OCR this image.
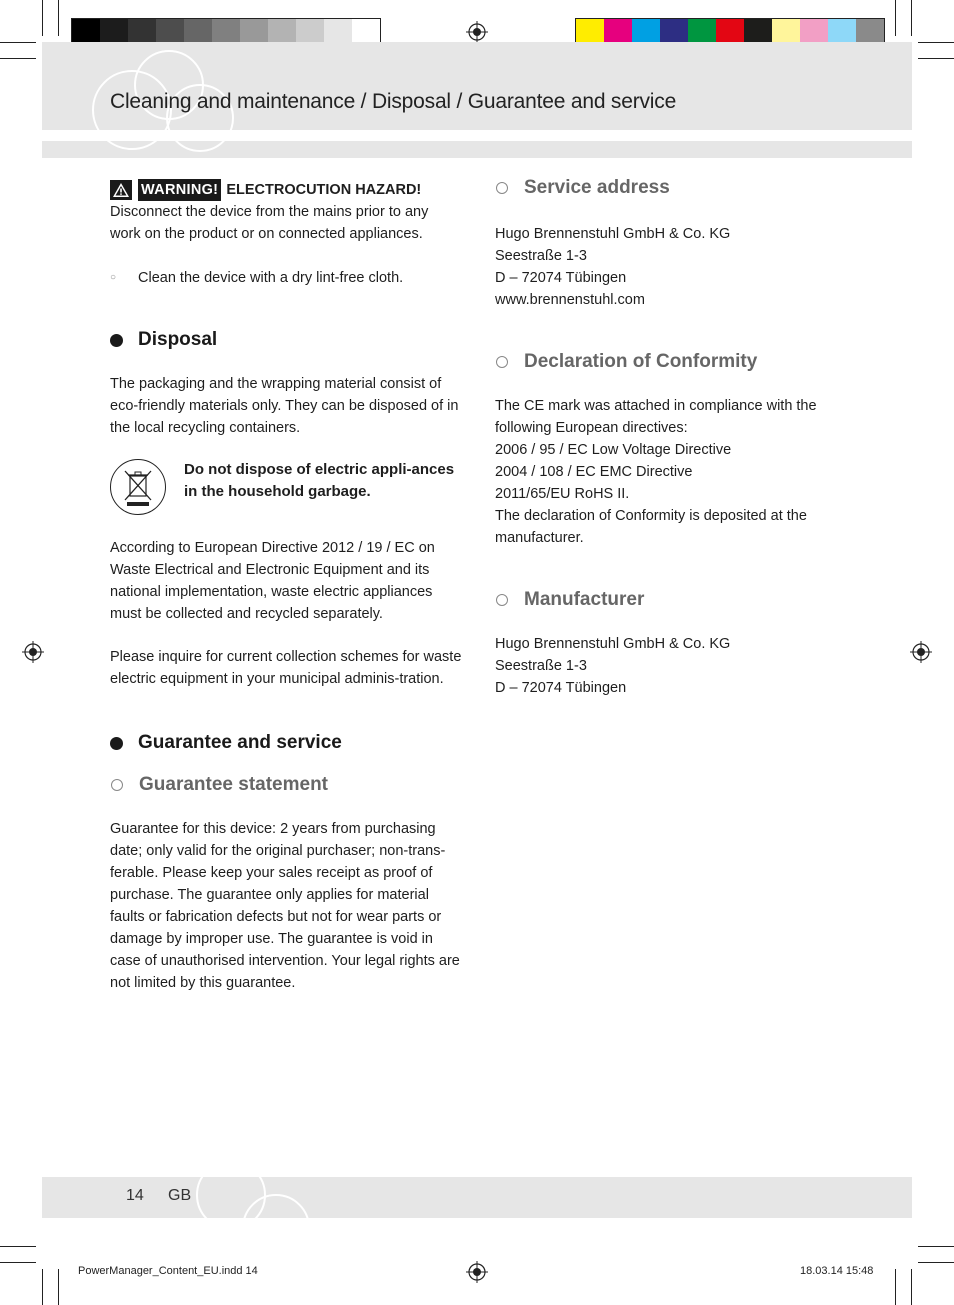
Cleaning and maintenance / Disposal / Guarantee and service
WARNING! ELECTROCUTION HAZARD!

Disconnect the device from the mains prior to any work on the product or on connected appliances.

○	Clean the device with a dry lint-free cloth.
Disposal

The packaging and the wrapping material consist of eco-friendly materials only. They can be disposed of in the local recycling containers.

Do not dispose of electric appli-ances in the household garbage.

According to European Directive 2012 / 19 / EC on Waste Electrical and Electronic Equipment and its national implementation, waste electric appliances must be collected and recycled separately.

Please inquire for current collection schemes for waste electric equipment in your municipal adminis-tration.

Guarantee and service
Guarantee statement

Guarantee for this device: 2 years from purchasing date; only valid for the original purchaser; non-trans-ferable. Please keep your sales receipt as proof of purchase. The guarantee only applies for material faults or fabrication defects but not for wear parts or damage by improper use. The guarantee is void in case of unauthorised intervention. Your legal rights are not limited by this guarantee.

Service address

Hugo Brennenstuhl GmbH & Co. KG

Seestraße 1-3

D – 72074 Tübingen

www.brennenstuhl.com

Declaration of Conformity

The CE mark was attached in compliance with the following European directives:

2006 / 95 / EC Low Voltage Directive

2004 / 108 / EC EMC Directive

2011/65/EU RoHS II.

The declaration of Conformity is deposited at the manufacturer.

Manufacturer

Hugo Brennenstuhl GmbH & Co. KG

Seestraße 1-3

D – 72074 Tübingen

14 GB
PowerManager_Content_EU.indd 14	18.03.14 15:48
